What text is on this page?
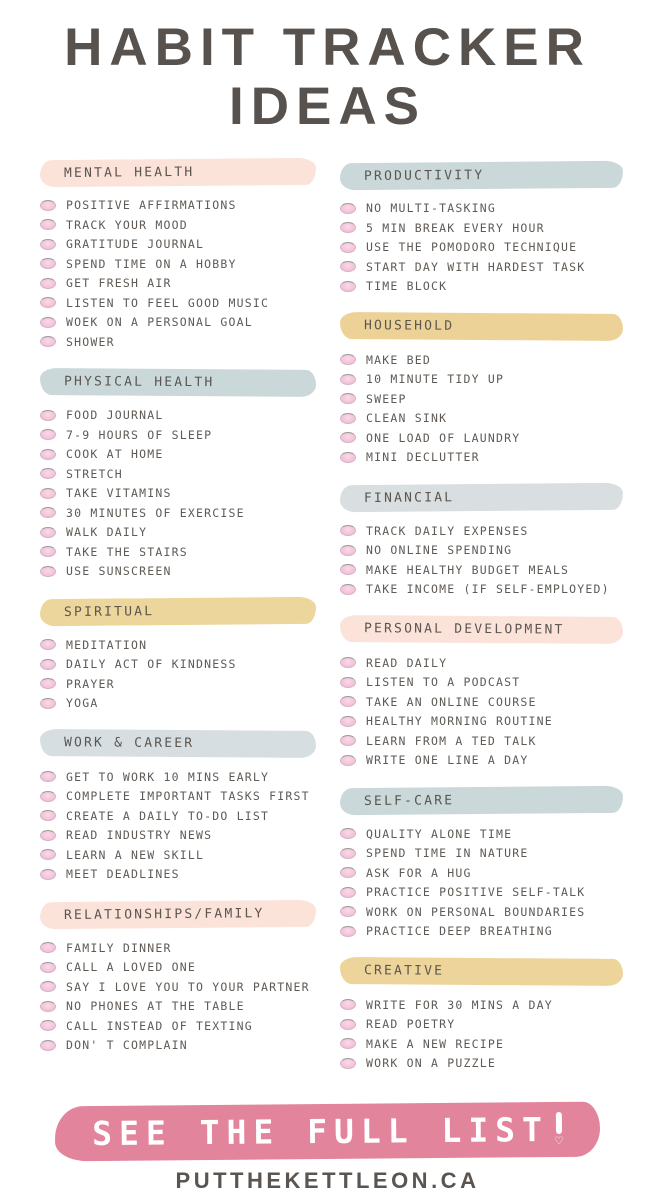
HABIT TRACKER
IDEAS
MENTAL HEALTH
POSITIVE AFFIRMATIONS
TRACK YOUR MOOD
GRATITUDE JOURNAL
SPEND TIME ON A HOBBY
GET FRESH AIR
LISTEN TO FEEL GOOD MUSIC
WOEK ON A PERSONAL GOAL
SHOWER
PHYSICAL HEALTH
FOOD JOURNAL
7-9 HOURS OF SLEEP
COOK AT HOME
STRETCH
TAKE VITAMINS
30 MINUTES OF EXERCISE
WALK DAILY
TAKE THE STAIRS
USE SUNSCREEN
SPIRITUAL
MEDITATION
DAILY ACT OF KINDNESS
PRAYER
YOGA
WORK & CAREER
GET TO WORK 10 MINS EARLY
COMPLETE IMPORTANT TASKS FIRST
CREATE A DAILY TO-DO LIST
READ INDUSTRY NEWS
LEARN A NEW SKILL
MEET DEADLINES
RELATIONSHIPS/FAMILY
FAMILY DINNER
CALL A LOVED ONE
SAY I LOVE YOU TO YOUR PARTNER
NO PHONES AT THE TABLE
CALL INSTEAD OF TEXTING
DON' T COMPLAIN
PRODUCTIVITY
NO MULTI-TASKING
5 MIN BREAK EVERY HOUR
USE THE POMODORO TECHNIQUE
START DAY WITH HARDEST TASK
TIME BLOCK
HOUSEHOLD
MAKE BED
10 MINUTE TIDY UP
SWEEP
CLEAN SINK
ONE LOAD OF LAUNDRY
MINI DECLUTTER
FINANCIAL
TRACK DAILY EXPENSES
NO ONLINE SPENDING
MAKE HEALTHY BUDGET MEALS
TAKE INCOME (IF SELF-EMPLOYED)
PERSONAL DEVELOPMENT
READ DAILY
LISTEN TO A PODCAST
TAKE AN ONLINE COURSE
HEALTHY MORNING ROUTINE
LEARN FROM A TED TALK
WRITE ONE LINE A DAY
SELF-CARE
QUALITY ALONE TIME
SPEND TIME IN NATURE
ASK FOR A HUG
PRACTICE POSITIVE SELF-TALK
WORK ON PERSONAL BOUNDARIES
PRACTICE DEEP BREATHING
CREATIVE
WRITE FOR 30 MINS A DAY
READ POETRY
MAKE A NEW RECIPE
WORK ON A PUZZLE
SEE THE FULL LIST ♡
PUTTHEKETTLEON.CA
